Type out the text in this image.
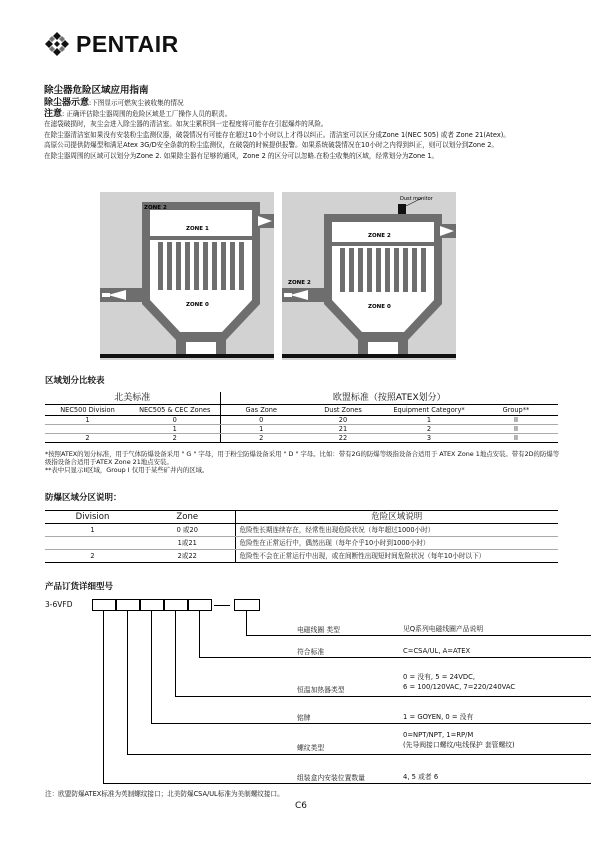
PENTAIR
除尘器危险区域应用指南

除尘器示意:下图显示可燃灰尘被收集的情况

注意: 正确评估除尘器周围的危险区域是工厂操作人员的职责。

在滤袋破损时，灰尘会进入除尘器的清洁室。如灰尘累积到一定程度将可能存在引起爆炸的风险。

在除尘器清洁室如果没有安装粉尘监测仪器，破袋情况有可能存在超过10个小时以上才得以纠正。清洁室可以区分成Zone 1(NEC 505) 或者 Zone 21(Atex)。

高原公司提供防爆型和满足Atex 3G/D安全条款的粉尘监测仪，在破袋的时候提供报警。如果系统破袋情况在10小时之内得到纠正，则可以划分到Zone 2。

在除尘器周围的区域可以划分为Zone 2. 如果除尘器有足够的通风，Zone 2 的区分可以忽略.在粉尘收集的区域，经常划分为Zone 1。

ZONE 2
ZONE 1
ZONE 0
Dust monitor
ZONE 2
ZONE 2
ZONE 0
区域划分比较表
北美标准		欧盟标准（按照ATEX划分）			
NEC500 Division	NEC505 & CEC Zones	Gas Zone	Dust Zones	Equipment Category*	Group**
1	0	0	20	1	II
	1	1	21	2	II
2	2	2	22	3	II

*按照ATEX的划分标准，用于气体防爆设备采用 " G " 字母，用于粉尘防爆设备采用 " D " 字母。比如：带有2G的防爆等级指设备合适用于 ATEX Zone 1地点安装。带有2D的防爆等级指设备合适用于ATEX Zone 21地点安装。

**表中只显示II区域，Group I 仅用于某些矿井内的区域。

防爆区域分区说明：
Division	Zone	危险区域说明
1	0 或20	危险性长期连续存在，经常性出现危险状况（每年超过1000小时）
	1或21	危险性在正常运行中，偶然出现（每年介乎10小时到1000小时）
2	2或22	危险性不会在正常运行中出现，或在间断性出现短时间危险状况（每年10小时以下）
产品订货详细型号
3-6VFD
电磁线圈 类型	见Q系列电磁线圈产品说明
符合标准	C=CSA/UL, A=ATEX
恒温加热器类型
0 = 没有, 5 = 24VDC,
6 = 100/120VAC, 7=220/240VAC
铭牌	1 = GOYEN, 0 = 没有
螺纹类型
0=NPT/NPT, 1=RP/M
(先导阀接口螺纹/电线保护 套管螺纹)
组装盒内安装位置数量	4, 5 或者 6
注：欧盟防爆ATEX标准为英制螺纹接口；北美防爆CSA/UL标准为美制螺纹接口。
C6
